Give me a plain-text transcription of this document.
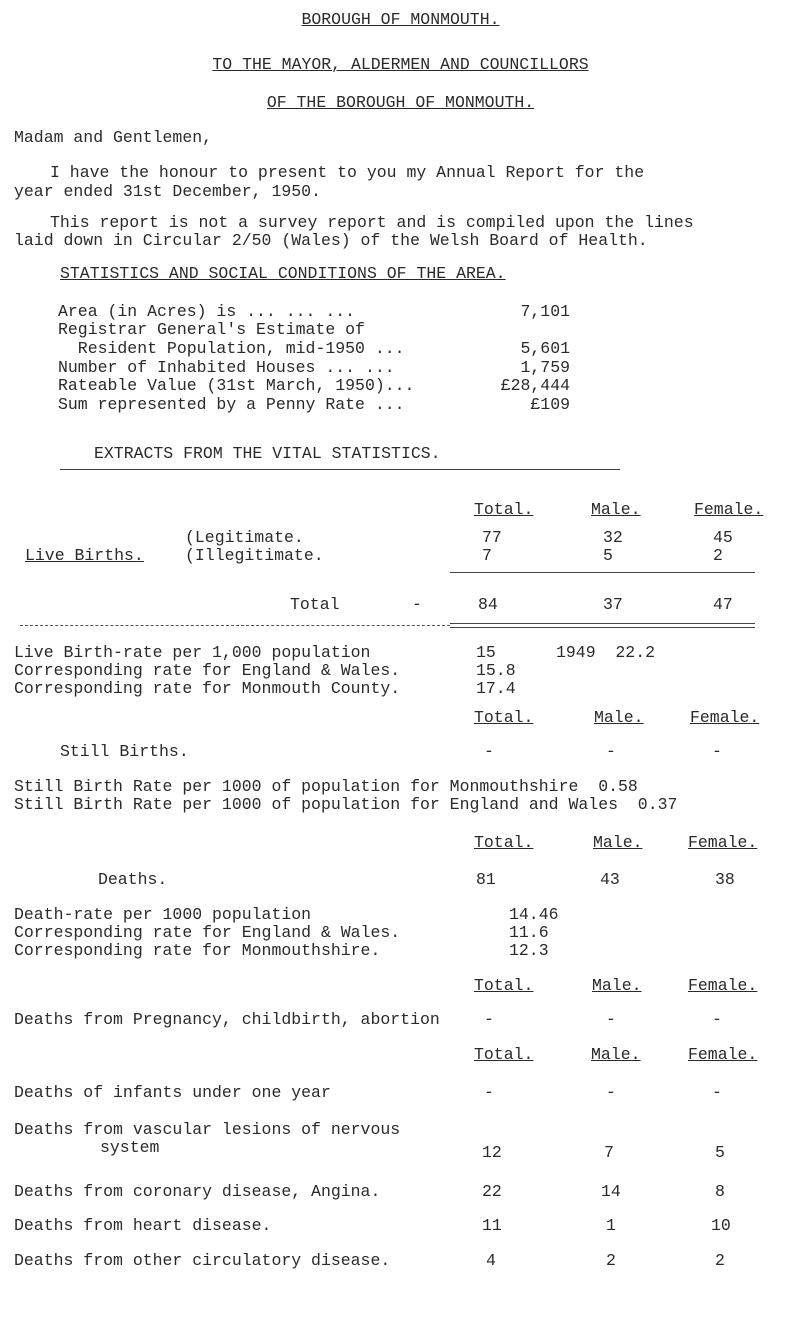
BOROUGH OF MONMOUTH.
TO THE MAYOR, ALDERMEN AND COUNCILLORS
OF THE BOROUGH OF MONMOUTH.
Madam and Gentlemen,
I have the honour to present to you my Annual Report for the
year ended 31st December, 1950.
This report is not a survey report and is compiled upon the lines
laid down in Circular 2/50 (Wales) of the Welsh Board of Health.
STATISTICS AND SOCIAL CONDITIONS OF THE AREA.
Area (in Acres) is ... ... ...	7,101
Registrar General's Estimate of
Resident Population, mid-1950 ...	5,601
Number of Inhabited Houses ... ...	1,759
Rateable Value (31st March, 1950)...	£28,444
Sum represented by a Penny Rate ...	£109
EXTRACTS FROM THE VITAL STATISTICS.
Total.	Male.	Female.
(Legitimate.	77	32	45
Live Births. (Illegitimate.	7	5	2
Total	-	84	37	47
Live Birth-rate per 1,000 population	15	1949  22.2
Corresponding rate for England & Wales.	15.8
Corresponding rate for Monmouth County.	17.4
Total.	Male.	Female.
Still Births.	-	-	-
Still Birth Rate per 1000 of population for Monmouthshire  0.58
Still Birth Rate per 1000 of population for England and Wales  0.37
Total.	Male.	Female.
Deaths.	81	43	38
Death-rate per 1000 population	14.46
Corresponding rate for England & Wales.	11.6
Corresponding rate for Monmouthshire.	12.3
Total.	Male.	Female.
Deaths from Pregnancy, childbirth, abortion	-	-	-
Total.	Male.	Female.
Deaths of infants under one year	-	-	-
Deaths from vascular lesions of nervous
system	12	7	5
Deaths from coronary disease, Angina.	22	14	8
Deaths from heart disease.	11	1	10
Deaths from other circulatory disease.	4	2	2
